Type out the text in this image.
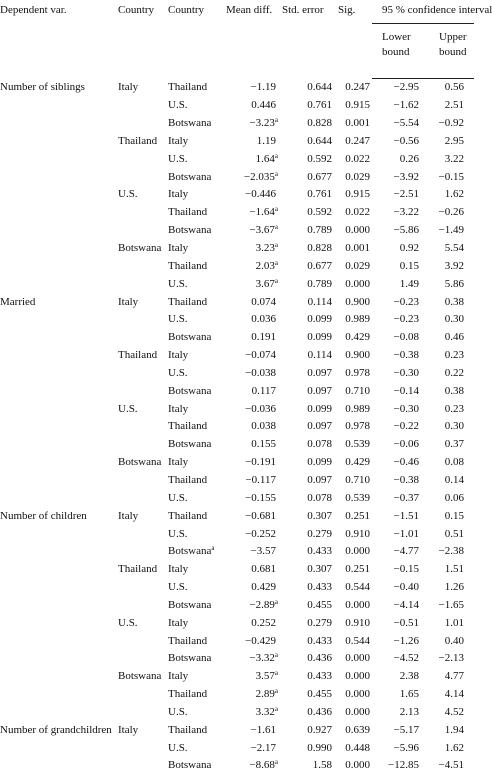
Dependent var.	Country	Country	Mean diff.	Std. error	Sig.	95 % confidence interval	
						Lower bound	Upper bound
Number of siblings	Italy	Thailand	−1.19	0.644	0.247	−2.95	0.56
		U.S.	0.446	0.761	0.915	−1.62	2.51
		Botswana	−3.23$^a$	0.828	0.001	−5.54	−0.92
	Thailand	Italy	1.19	0.644	0.247	−0.56	2.95
		U.S.	1.64$^a$	0.592	0.022	0.26	3.22
		Botswana	−2.035$^a$	0.677	0.029	−3.92	−0.15
	U.S.	Italy	−0.446	0.761	0.915	−2.51	1.62
		Thailand	−1.64$^a$	0.592	0.022	−3.22	−0.26
		Botswana	−3.67$^a$	0.789	0.000	−5.86	−1.49
	Botswana	Italy	3.23$^a$	0.828	0.001	0.92	5.54
		Thailand	2.03$^a$	0.677	0.029	0.15	3.92
		U.S.	3.67$^a$	0.789	0.000	1.49	5.86
Married	Italy	Thailand	0.074	0.114	0.900	−0.23	0.38
		U.S.	0.036	0.099	0.989	−0.23	0.30
		Botswana	0.191	0.099	0.429	−0.08	0.46
	Thailand	Italy	−0.074	0.114	0.900	−0.38	0.23
		U.S.	−0.038	0.097	0.978	−0.30	0.22
		Botswana	0.117	0.097	0.710	−0.14	0.38
	U.S.	Italy	−0.036	0.099	0.989	−0.30	0.23
		Thailand	0.038	0.097	0.978	−0.22	0.30
		Botswana	0.155	0.078	0.539	−0.06	0.37
	Botswana	Italy	−0.191	0.099	0.429	−0.46	0.08
		Thailand	−0.117	0.097	0.710	−0.38	0.14
		U.S.	−0.155	0.078	0.539	−0.37	0.06
Number of children	Italy	Thailand	−0.681	0.307	0.251	−1.51	0.15
		U.S.	−0.252	0.279	0.910	−1.01	0.51
		Botswana$^a$	−3.57	0.433	0.000	−4.77	−2.38
	Thailand	Italy	0.681	0.307	0.251	−0.15	1.51
		U.S.	0.429	0.433	0.544	−0.40	1.26
		Botswana	−2.89$^a$	0.455	0.000	−4.14	−1.65
	U.S.	Italy	0.252	0.279	0.910	−0.51	1.01
		Thailand	−0.429	0.433	0.544	−1.26	0.40
		Botswana	−3.32$^a$	0.436	0.000	−4.52	−2.13
	Botswana	Italy	3.57$^a$	0.433	0.000	2.38	4.77
		Thailand	2.89$^a$	0.455	0.000	1.65	4.14
		U.S.	3.32$^a$	0.436	0.000	2.13	4.52
Number of grandchildren	Italy	Thailand	−1.61	0.927	0.639	−5.17	1.94
		U.S.	−2.17	0.990	0.448	−5.96	1.62
		Botswana	−8.68$^a$	1.58	0.000	−12.85	−4.51
